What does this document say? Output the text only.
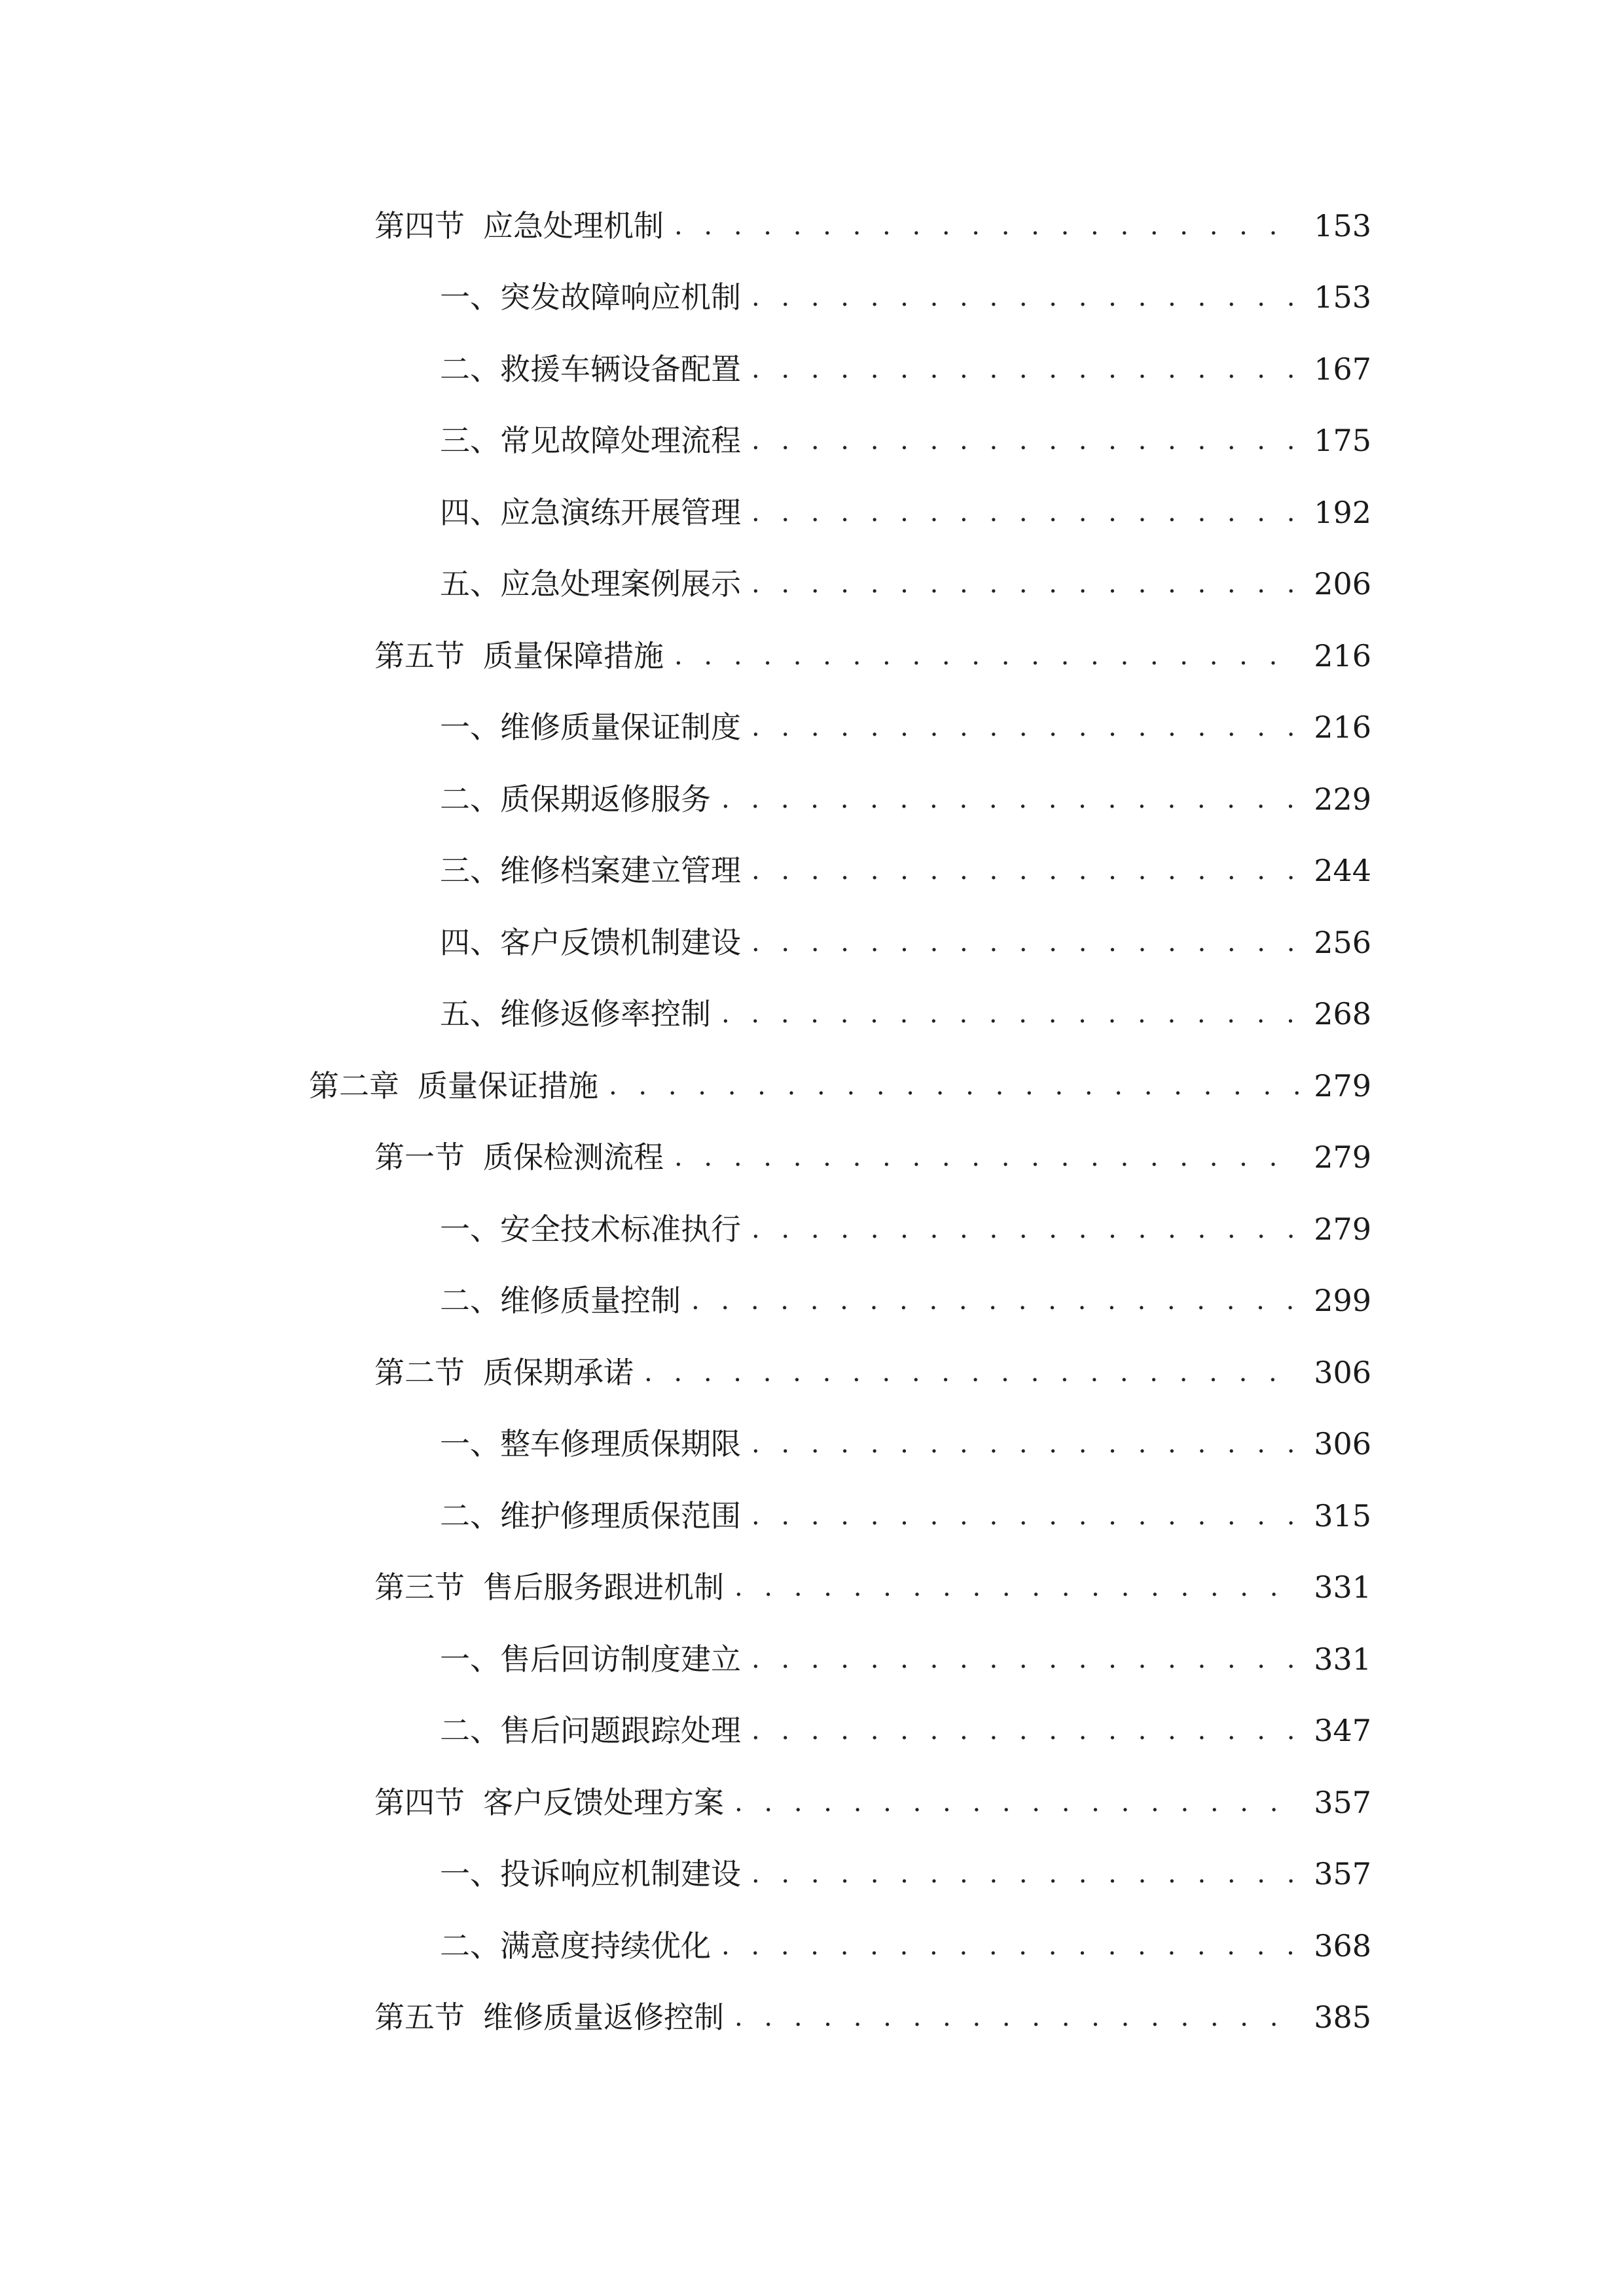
第四节 应急处理机制 . . .	153
一、 突发故障响应机制 . . .	153
二、 救援车辆设备配置 . . .	167
三、 常见故障处理流程 . . .	175
四、 应急演练开展管理 . . .	192
五、 应急处理案例展示 . . .	206
第五节 质量保障措施 . . .	216
一、 维修质量保证制度 . . .	216
二、 质保期返修服务 . . .	229
三、 维修档案建立管理 . . .	244
四、 客户反馈机制建设 . . .	256
五、 维修返修率控制 . . .	268
第二章 质量保证措施 . . .	279
第一节 质保检测流程 . . .	279
一、 安全技术标准执行 . . .	279
二、 维修质量控制 . . .	299
第二节 质保期承诺 . . .	306
一、 整车修理质保期限 . . .	306
二、 维护修理质保范围 . . .	315
第三节 售后服务跟进机制 . . .	331
一、 售后回访制度建立 . . .	331
二、 售后问题跟踪处理 . . .	347
第四节 客户反馈处理方案 . . .	357
一、 投诉响应机制建设 . . .	357
二、 满意度持续优化 . . .	368
第五节 维修质量返修控制 . . .	385
